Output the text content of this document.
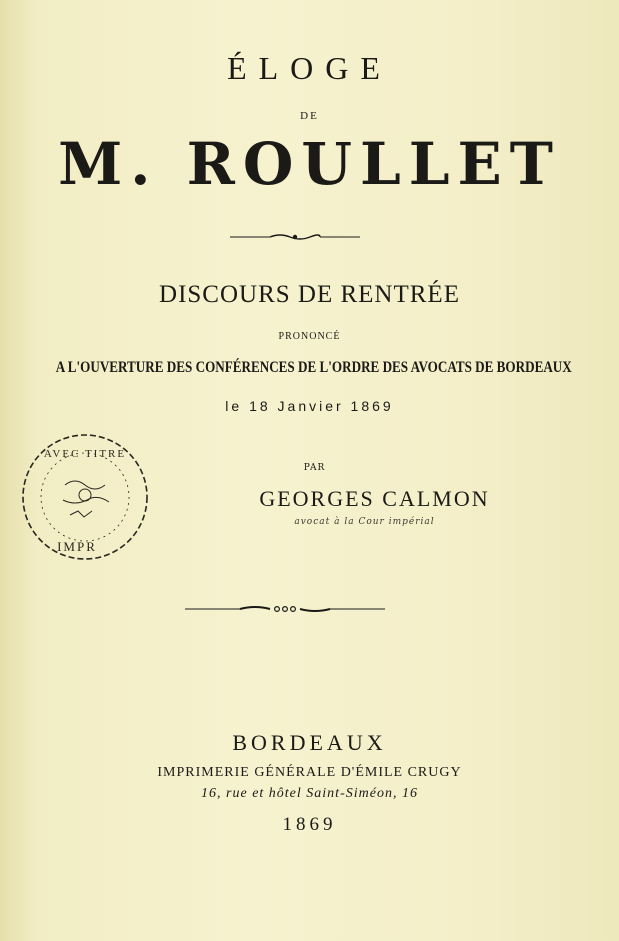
ÉLOGE
DE
M. ROULLET
DISCOURS DE RENTRÉE
PRONONCÉ
A L'OUVERTURE DES CONFÉRENCES DE L'ORDRE DES AVOCATS DE BORDEAUX
le 18 Janvier 1869
PAR
GEORGES CALMON
avocat à la Cour impérial
AVEC TITRE
IMPR
BORDEAUX
IMPRIMERIE GÉNÉRALE D'ÉMILE CRUGY
16, rue et hôtel Saint-Siméon, 16
1869
